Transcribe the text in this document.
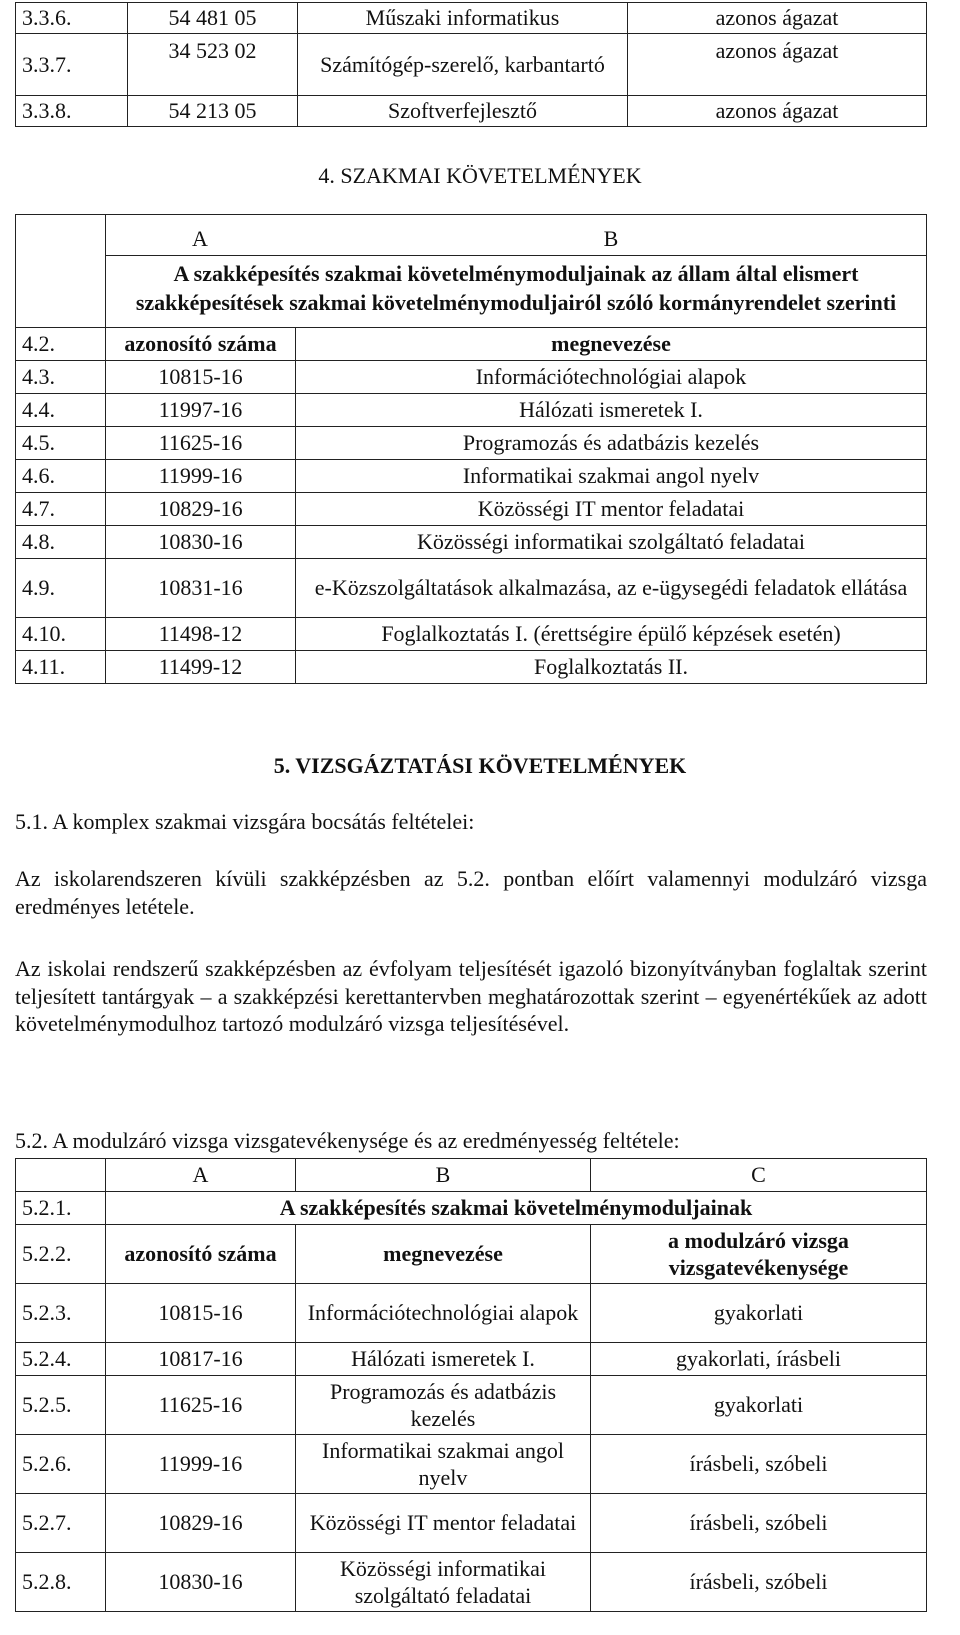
3.3.6.	54 481 05	Műszaki informatikus	azonos ágazat
3.3.7.	34 523 02	Számítógép-szerelő, karbantartó	azonos ágazat
3.3.8.	54 213 05	Szoftverfejlesztő	azonos ágazat
4. SZAKMAI KÖVETELMÉNYEK

	A B
A szakképesítés szakmai követelménymoduljainak az állam által elismert szakképesítések szakmai követelménymoduljairól szóló kormányrendelet szerinti	

4.2.	azonosító száma	megnevezése
4.3.	10815-16	Információtechnológiai alapok
4.4.	11997-16	Hálózati ismeretek I.
4.5.	11625-16	Programozás és adatbázis kezelés
4.6.	11999-16	Informatikai szakmai angol nyelv
4.7.	10829-16	Közösségi IT mentor feladatai
4.8.	10830-16	Közösségi informatikai szolgáltató feladatai
4.9.	10831-16	e-Közszolgáltatások alkalmazása, az e-ügysegédi feladatok ellátása
4.10.	11498-12	Foglalkoztatás I. (érettségire épülő képzések esetén)
4.11.	11499-12	Foglalkoztatás II.
5. VIZSGÁZTATÁSI KÖVETELMÉNYEK
5.1. A komplex szakmai vizsgára bocsátás feltételei:
Az iskolarendszeren kívüli szakképzésben az 5.2. pontban előírt valamennyi modulzáró vizsga eredményes letétele.
Az iskolai rendszerű szakképzésben az évfolyam teljesítését igazoló bizonyítványban foglaltak szerint teljesített tantárgyak – a szakképzési kerettantervben meghatározottak szerint – egyenértékűek az adott követelménymodulhoz tartozó modulzáró vizsga teljesítésével.
5.2. A modulzáró vizsga vizsgatevékenysége és az eredményesség feltétele:
	A	B	C
5.2.1.	A szakképesítés szakmai követelménymoduljainak		
5.2.2.	azonosító száma	megnevezése	a modulzáró vizsga vizsgatevékenysége
5.2.3.	10815-16	Információtechnológiai alapok	gyakorlati
5.2.4.	10817-16	Hálózati ismeretek I.	gyakorlati, írásbeli
5.2.5.	11625-16	Programozás és adatbázis kezelés	gyakorlati
5.2.6.	11999-16	Informatikai szakmai angol nyelv	írásbeli, szóbeli
5.2.7.	10829-16	Közösségi IT mentor feladatai	írásbeli, szóbeli
5.2.8.	10830-16	Közösségi informatikai szolgáltató feladatai	írásbeli, szóbeli
